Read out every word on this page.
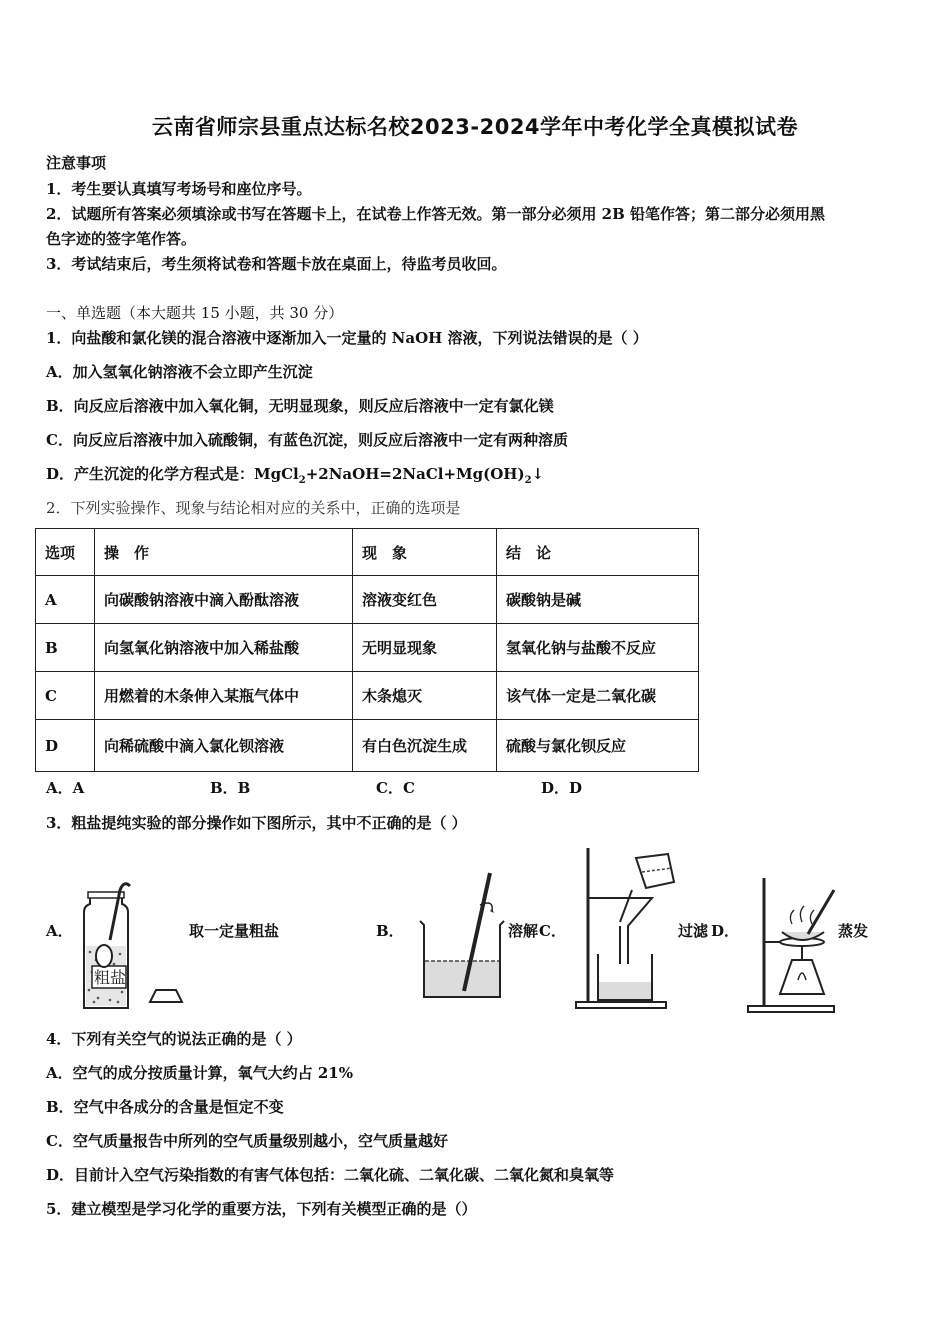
云南省师宗县重点达标名校2023-2024学年中考化学全真模拟试卷
注意事项
1．考生要认真填写考场号和座位序号。
2．试题所有答案必须填涂或书写在答题卡上，在试卷上作答无效。第一部分必须用 2B 铅笔作答；第二部分必须用黑
色字迹的签字笔作答。
3．考试结束后，考生须将试卷和答题卡放在桌面上，待监考员收回。
一、单选题（本大题共 15 小题，共 30 分）
1．向盐酸和氯化镁的混合溶液中逐渐加入一定量的 NaOH 溶液，下列说法错误的是（ ）
A．加入氢氧化钠溶液不会立即产生沉淀
B．向反应后溶液中加入氧化铜，无明显现象，则反应后溶液中一定有氯化镁
C．向反应后溶液中加入硫酸铜，有蓝色沉淀，则反应后溶液中一定有两种溶质
D．产生沉淀的化学方程式是：$MgCl_2+2NaOH=2NaCl+Mg(OH)_2↓$
2．下列实验操作、现象与结论相对应的关系中，正确的选项是
选项	操　作	现　象	结　论
A	向碳酸钠溶液中滴入酚酞溶液	溶液变红色	碳酸钠是碱
B	向氢氧化钠溶液中加入稀盐酸	无明显现象	氢氧化钠与盐酸不反应
C	用燃着的木条伸入某瓶气体中	木条熄灭	该气体一定是二氧化碳
D	向稀硫酸中滴入氯化钡溶液	有白色沉淀生成	硫酸与氯化钡反应
A．A	B．B	C．C	D．D
3．粗盐提纯实验的部分操作如下图所示，其中不正确的是（ ）
A．	取一定量粗盐	B．	溶解 C．	过滤 D．	蒸发
粗盐
4．下列有关空气的说法正确的是（ ）
A．空气的成分按质量计算，氧气大约占 21%
B．空气中各成分的含量是恒定不变
C．空气质量报告中所列的空气质量级别越小，空气质量越好
D．目前计入空气污染指数的有害气体包括：二氧化硫、二氧化碳、二氧化氮和臭氧等
5．建立模型是学习化学的重要方法，下列有关模型正确的是（）
